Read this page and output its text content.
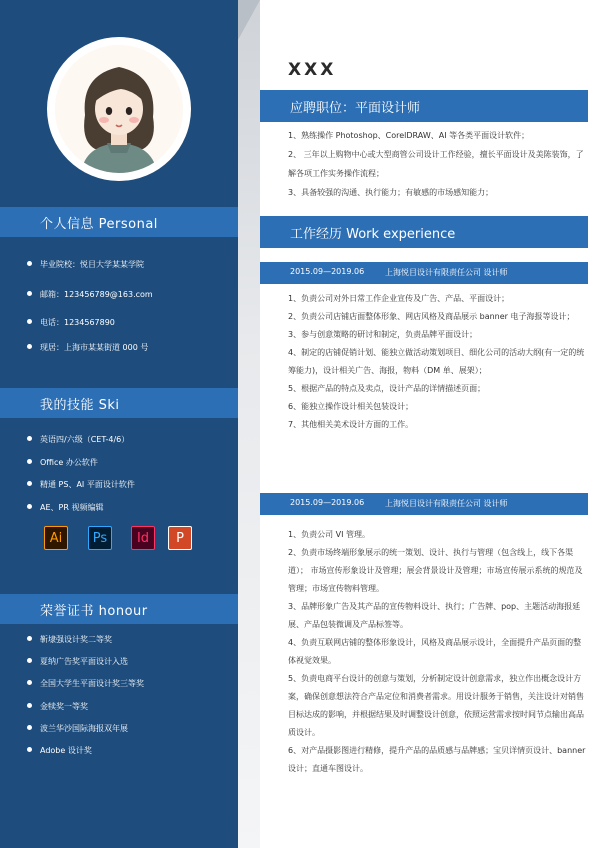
个人信息 Personal
毕业院校：悦目大学某某学院
邮箱：123456789@163.com
电话：1234567890
现居：上海市某某街道 000 号
我的技能 Ski
英语四/六级（CET-4/6）
Office 办公软件
精通 PS、AI 平面设计软件
AE、PR 视频编辑
Ai	Ps	Id	P
荣誉证书 honour
靳埭强设计奖二等奖
夏纳广告奖平面设计入选
全国大学生平面设计奖三等奖
金犊奖一等奖
波兰华沙国际海报双年展
Adobe 设计奖
XXX
应聘职位：平面设计师

1、熟练操作 Photoshop、CorelDRAW、AI 等各类平面设计软件；

2、 三年以上购物中心或大型商管公司设计工作经验，擅长平面设计及美陈装饰，了解各项工作实务操作流程；

3、具备较强的沟通、执行能力；有敏感的市场感知能力；

工作经历 Work experience
2015.09—2019.06	上海悦目设计有限责任公司 设计师

1、负责公司对外日常工作企业宣传及广告、产品、平面设计；

2、负责公司店铺店面整体形象、网店风格及商品展示 banner 电子海报等设计；

3、参与创意策略的研讨和制定，负责品牌平面设计；

4、制定的店铺促销计划、能独立做活动策划项目、细化公司的活动大纲(有一定的统筹能力)，设计相关广告、海报，物料（DM 单、展架）；

5、根据产品的特点及卖点，设计产品的详情描述页面；

6、能独立操作设计相关包装设计；

7、其他相关美术设计方面的工作。

2015.09—2019.06	上海悦目设计有限责任公司 设计师

1、负责公司 VI 管理。

2、负责市场终端形象展示的统一策划、设计、执行与管理（包含线上，线下各渠道）； 市场宣传形象设计及管理；展会背景设计及管理；市场宣传展示系统的规范及管理；市场宣传物料管理。

3、品牌形象广告及其产品的宣传物料设计、执行；广告牌、pop、主题活动海报延展、产品包装微调及产品标签等。

4、负责互联网店铺的整体形象设计，风格及商品展示设计，全面提升产品页面的整体视觉效果。

5、负责电商平台设计的创意与策划，分析制定设计创意需求，独立作出概念设计方案，确保创意想法符合产品定位和消费者需求。用设计服务于销售，关注设计对销售目标达成的影响，并根据结果及时调整设计创意，依照运营需求按时间节点输出高品质设计。

6、对产品摄影图进行精修，提升产品的品质感与品牌感；宝贝详情页设计、banner 设计；直通车图设计。
